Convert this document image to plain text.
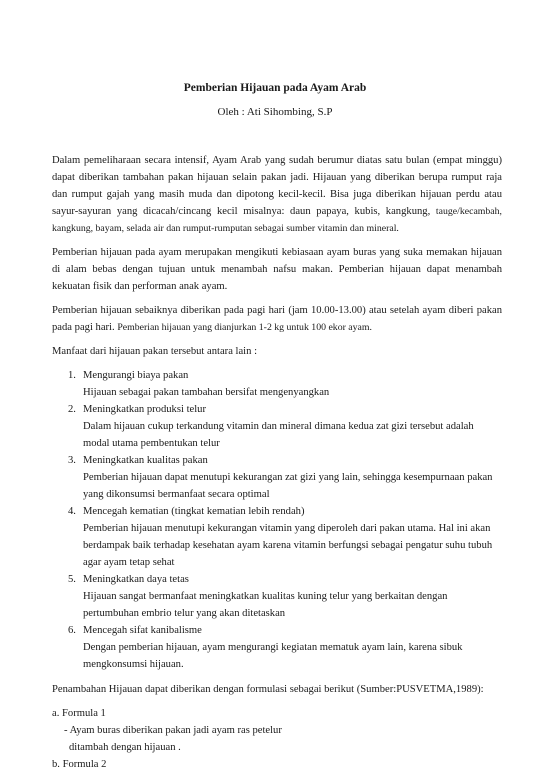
Pemberian Hijauan pada Ayam Arab
Oleh : Ati Sihombing, S.P

Dalam pemeliharaan secara intensif, Ayam Arab yang sudah berumur diatas satu bulan (empat minggu) dapat diberikan tambahan pakan hijauan selain pakan jadi. Hijauan yang diberikan berupa rumput raja dan rumput gajah yang masih muda dan dipotong kecil-kecil. Bisa juga diberikan hijauan perdu atau sayur-sayuran yang dicacah/cincang kecil misalnya: daun papaya, kubis, kangkung, tauge/kecambah, kangkung, bayam, selada air dan rumput-rumputan sebagai sumber vitamin dan mineral.

Pemberian hijauan pada ayam merupakan mengikuti kebiasaan ayam buras yang suka memakan hijauan di alam bebas dengan tujuan untuk menambah nafsu makan. Pemberian hijauan dapat menambah kekuatan fisik dan performan anak ayam.

Pemberian hijauan sebaiknya diberikan pada pagi hari (jam 10.00-13.00) atau setelah ayam diberi pakan pada pagi hari. Pemberian hijauan yang dianjurkan 1-2 kg untuk 100 ekor ayam.

Manfaat dari hijauan pakan tersebut antara lain :

1. Mengurangi biaya pakan
Hijauan sebagai pakan tambahan bersifat mengenyangkan
2. Meningkatkan produksi telur
Dalam hijauan cukup terkandung vitamin dan mineral dimana kedua zat gizi tersebut adalah modal utama pembentukan telur
3. Meningkatkan kualitas pakan
Pemberian hijauan dapat menutupi kekurangan zat gizi yang lain, sehingga kesempurnaan pakan yang dikonsumsi bermanfaat secara optimal
4. Mencegah kematian (tingkat kematian lebih rendah)
Pemberian hijauan menutupi kekurangan vitamin yang diperoleh dari pakan utama. Hal ini akan berdampak baik terhadap kesehatan ayam karena vitamin berfungsi sebagai pengatur suhu tubuh agar ayam tetap sehat
5. Meningkatkan daya tetas
Hijauan sangat bermanfaat meningkatkan kualitas kuning telur yang berkaitan dengan pertumbuhan embrio telur yang akan ditetaskan
6. Mencegah sifat kanibalisme
Dengan pemberian hijauan, ayam mengurangi kegiatan mematuk ayam lain, karena sibuk mengkonsumsi hijauan.

Penambahan Hijauan dapat diberikan dengan formulasi sebagai berikut (Sumber:PUSVETMA,1989):

a. Formula 1
- Ayam buras diberikan pakan jadi ayam ras petelur
ditambah dengan hijauan .
b. Formula 2
